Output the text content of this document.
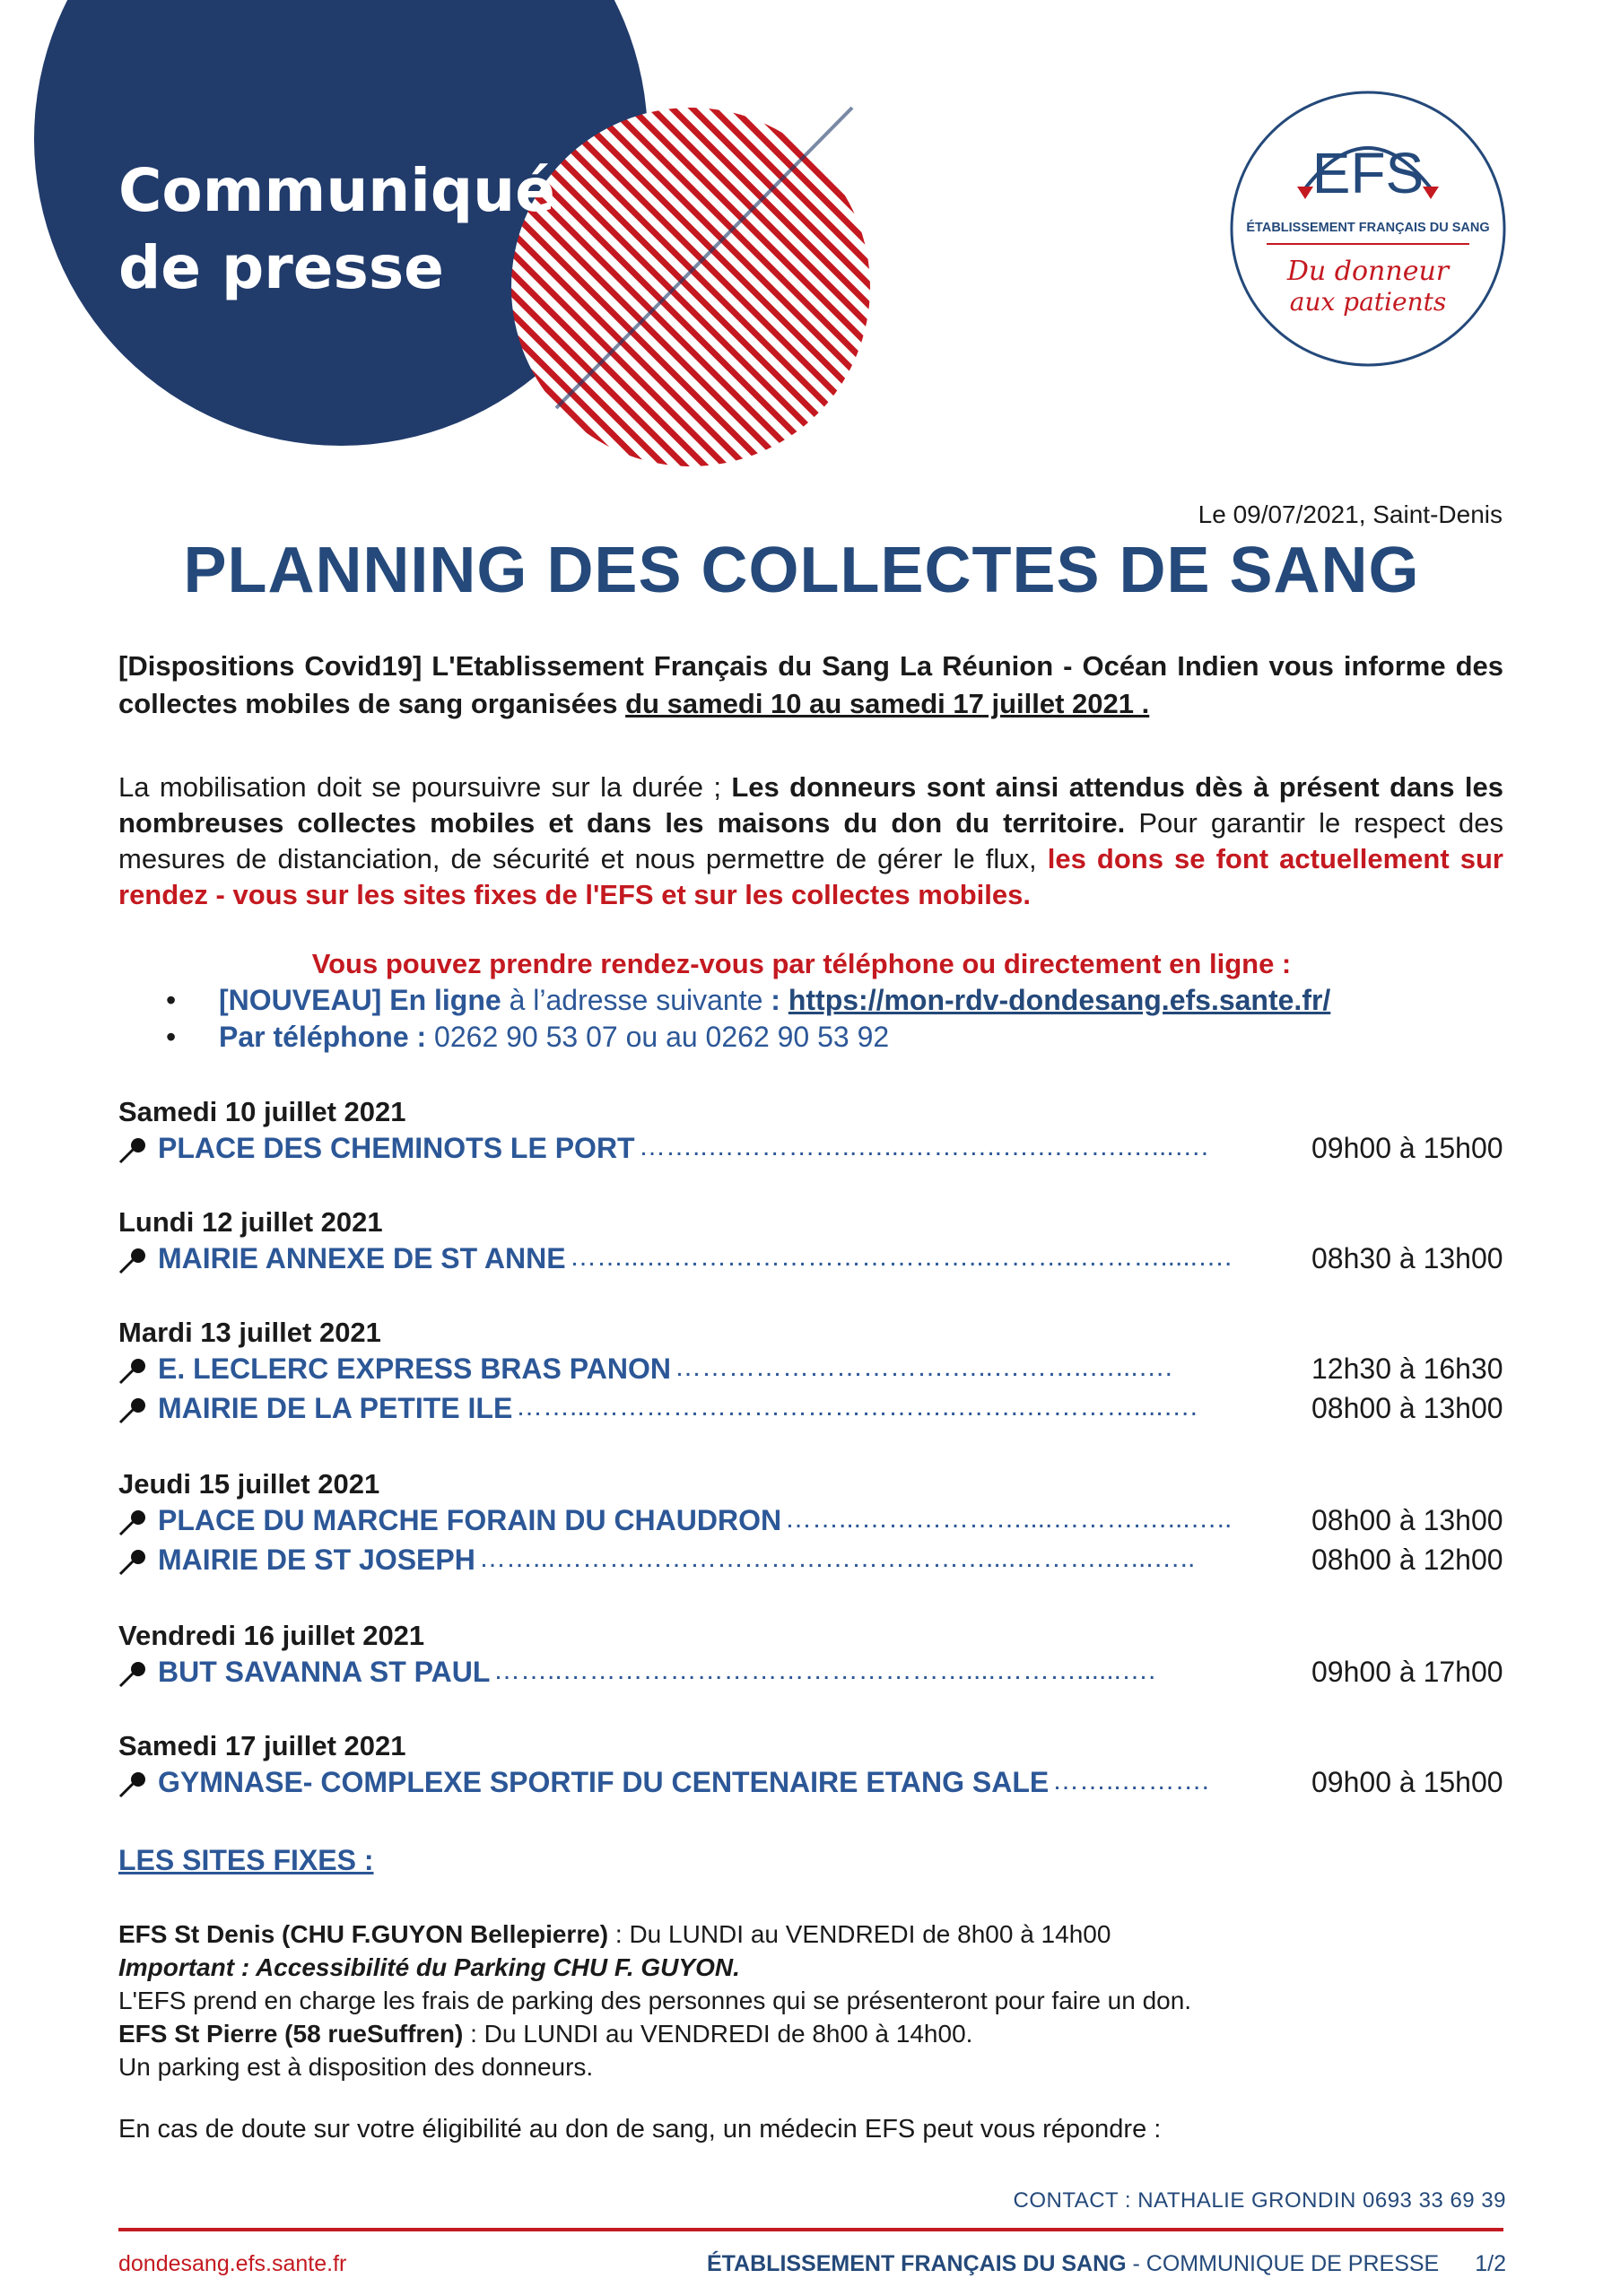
Communiqué
de presse
EFS
ÉTABLISSEMENT FRANÇAIS DU SANG
Du donneur
aux patients
Le 09/07/2021, Saint-Denis
PLANNING DES COLLECTES DE SANG
[Dispositions Covid19] L'Etablissement Français du Sang La Réunion - Océan Indien vous informe des collectes mobiles de sang organisées du samedi 10 au samedi 17 juillet 2021 .
La mobilisation doit se poursuivre sur la durée ; Les donneurs sont ainsi attendus dès à présent dans les nombreuses collectes mobiles et dans les maisons du don du territoire. Pour garantir le respect des mesures de distanciation, de sécurité et nous permettre de gérer le flux, les dons se font actuellement sur rendez - vous sur les sites fixes de l'EFS et sur les collectes mobiles.
Vous pouvez prendre rendez-vous par téléphone ou directement en ligne :
• [NOUVEAU] En ligne à l’adresse suivante : https://mon-rdv-dondesang.efs.sante.fr/
• Par téléphone : 0262 90 53 07 ou au 0262 90 53 92
Samedi 10 juillet 2021
PLACE DES CHEMINOTS LE PORT ……..……………..…...………..….……….…...….	09h00 à 15h00
Lundi 12 juillet 2021
MAIRIE ANNEXE DE ST ANNE ……...………………………………..………..……….....….	08h30 à 13h00
Mardi 13 juillet 2021
E. LECLERC EXPRESS BRAS PANON ………………………….…..………..…...….	12h30 à 16h30
MAIRIE DE LA PETITE ILE ……...…………………………………..……..…………....….	08h00 à 13h00
Jeudi 15 juillet 2021
PLACE DU MARCHE FORAIN DU CHAUDRON ……...………………....……….…...…..	08h00 à 13h00
MAIRIE DE ST JOSEPH ……...…………………………………………....……….…...…..	08h00 à 12h00
Vendredi 16 juillet 2021
BUT SAVANNA ST PAUL ……..………………………………………....………......….	09h00 à 17h00
Samedi 17 juillet 2021
GYMNASE- COMPLEXE SPORTIF DU CENTENAIRE ETANG SALE ……..……….	09h00 à 15h00
LES SITES FIXES :
EFS St Denis (CHU F.GUYON Bellepierre) : Du LUNDI au VENDREDI de 8h00 à 14h00
Important : Accessibilité du Parking CHU F. GUYON.
L'EFS prend en charge les frais de parking des personnes qui se présenteront pour faire un don.
EFS St Pierre (58 rueSuffren) : Du LUNDI au VENDREDI de 8h00 à 14h00.
Un parking est à disposition des donneurs.
En cas de doute sur votre éligibilité au don de sang, un médecin EFS peut vous répondre :
CONTACT : NATHALIE GRONDIN 0693 33 69 39
dondesang.efs.sante.fr	ÉTABLISSEMENT FRANÇAIS DU SANG - COMMUNIQUE DE PRESSE 1/2
